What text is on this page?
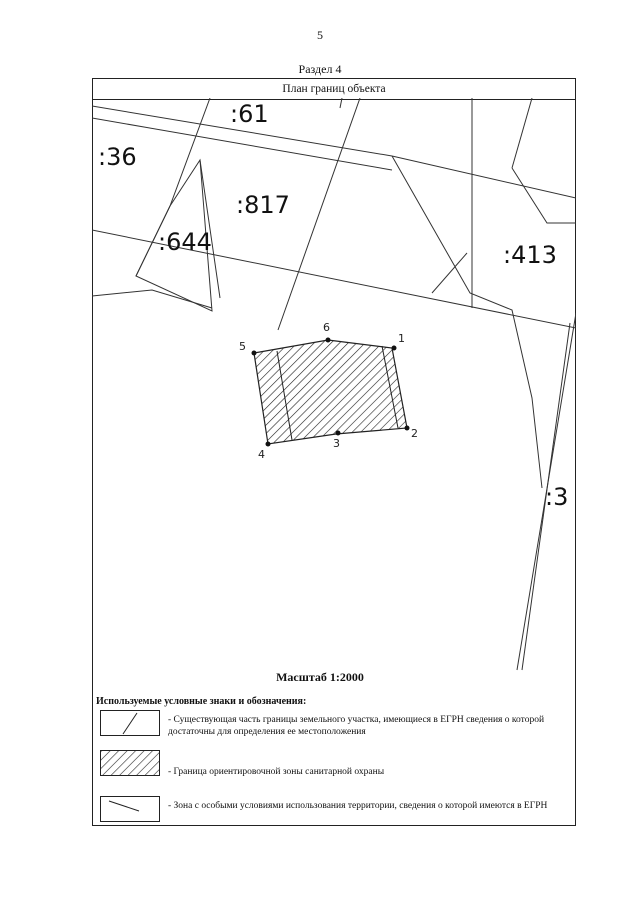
5
Раздел 4
План границ объекта
:61
:36
:817
:644	:413
:3
1
2
3
4
5
6
Масштаб 1:2000
Используемые условные знаки и обозначения:
- Существующая часть границы земельного участка, имеющиеся в ЕГРН сведения о которой достаточны для определения ее местоположения
- Граница ориентировочной зоны санитарной охраны
- Зона с особыми условиями использования территории, сведения о которой имеются в ЕГРН
